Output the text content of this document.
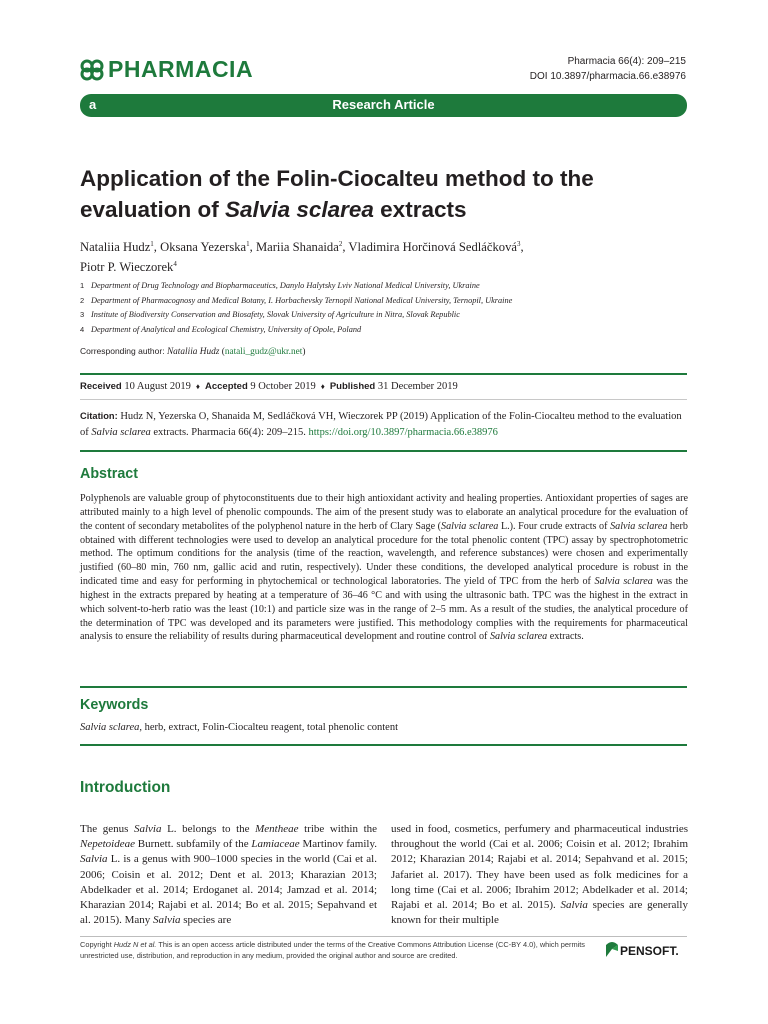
PHARMACIA	Pharmacia 66(4): 209–215
DOI 10.3897/pharmacia.66.e38976
a	Research Article
Application of the Folin-Ciocalteu method to the evaluation of Salvia sclarea extracts
Nataliia Hudz$^1$, Oksana Yezerska$^1$, Mariia Shanaida$^2$, Vladimira Horčinová Sedláčková$^3$,
Piotr P. Wieczorek$^4$
1 Department of Drug Technology and Biopharmaceutics, Danylo Halytsky Lviv National Medical University, Ukraine
2 Department of Pharmacognosy and Medical Botany, I. Horbachevsky Ternopil National Medical University, Ternopil, Ukraine
3 Institute of Biodiversity Conservation and Biosafety, Slovak University of Agriculture in Nitra, Slovak Republic
4 Department of Analytical and Ecological Chemistry, University of Opole, Poland
Corresponding author: Nataliia Hudz (natali_gudz@ukr.net)
Received 10 August 2019 ♦ Accepted 9 October 2019 ♦ Published 31 December 2019
Citation: Hudz N, Yezerska O, Shanaida M, Sedláčková VH, Wieczorek PP (2019) Application of the Folin-Ciocalteu method to the evaluation of Salvia sclarea extracts. Pharmacia 66(4): 209–215. https://doi.org/10.3897/pharmacia.66.e38976
Abstract

Polyphenols are valuable group of phytoconstituents due to their high antioxidant activity and healing properties. Antioxidant properties of sages are attributed mainly to a high level of phenolic compounds. The aim of the present study was to elaborate an analytical procedure for the evaluation of the content of secondary metabolites of the polyphenol nature in the herb of Clary Sage (Salvia sclarea L.). Four crude extracts of Salvia sclarea herb obtained with different technologies were used to develop an analytical procedure for the total phenolic content (TPC) assay by spectrophotometric method. The optimum conditions for the analysis (time of the reaction, wavelength, and reference substances) were chosen and experimentally justified (60–80 min, 760 nm, gallic acid and rutin, respectively). Under these conditions, the developed analytical procedure is robust in the indicated time and easy for performing in phytochemical or technological laboratories. The yield of TPC from the herb of Salvia sclarea was the highest in the extracts prepared by heating at a temperature of 36–46 °C and with using the ultrasonic bath. TPC was the highest in the extract in which solvent-to-herb ratio was the least (10:1) and particle size was in the range of 2–5 mm. As a result of the studies, the analytical procedure of the determination of TPC was developed and its parameters were justified. This methodology complies with the requirements for pharmaceutical analysis to ensure the reliability of results during pharmaceutical development and routine control of Salvia sclarea extracts.

Keywords

Salvia sclarea, herb, extract, Folin-Ciocalteu reagent, total phenolic content

Introduction

The genus Salvia L. belongs to the Mentheae tribe within the Nepetoideae Burnett. subfamily of the Lamiaceae Martinov family. Salvia L. is a genus with 900–1000 species in the world (Cai et al. 2006; Coisin et al. 2012; Dent et al. 2013; Kharazian 2013; Abdelkader et al. 2014; Erdoganet al. 2014; Jamzad et al. 2014; Kharazian 2014; Rajabi et al. 2014; Bo et al. 2015; Sepahvand et al. 2015). Many Salvia species are

used in food, cosmetics, perfumery and pharmaceutical industries throughout the world (Cai et al. 2006; Coisin et al. 2012; Ibrahim 2012; Kharazian 2014; Rajabi et al. 2014; Sepahvand et al. 2015; Jafariet al. 2017). They have been used as folk medicines for a long time (Cai et al. 2006; Ibrahim 2012; Abdelkader et al. 2014; Rajabi et al. 2014; Bo et al. 2015). Salvia species are generally known for their multiple

Copyright Hudz N et al. This is an open access article distributed under the terms of the Creative Commons Attribution License (CC-BY 4.0), which permits unrestricted use, distribution, and reproduction in any medium, provided the original author and source are credited.	PENSOFT.
